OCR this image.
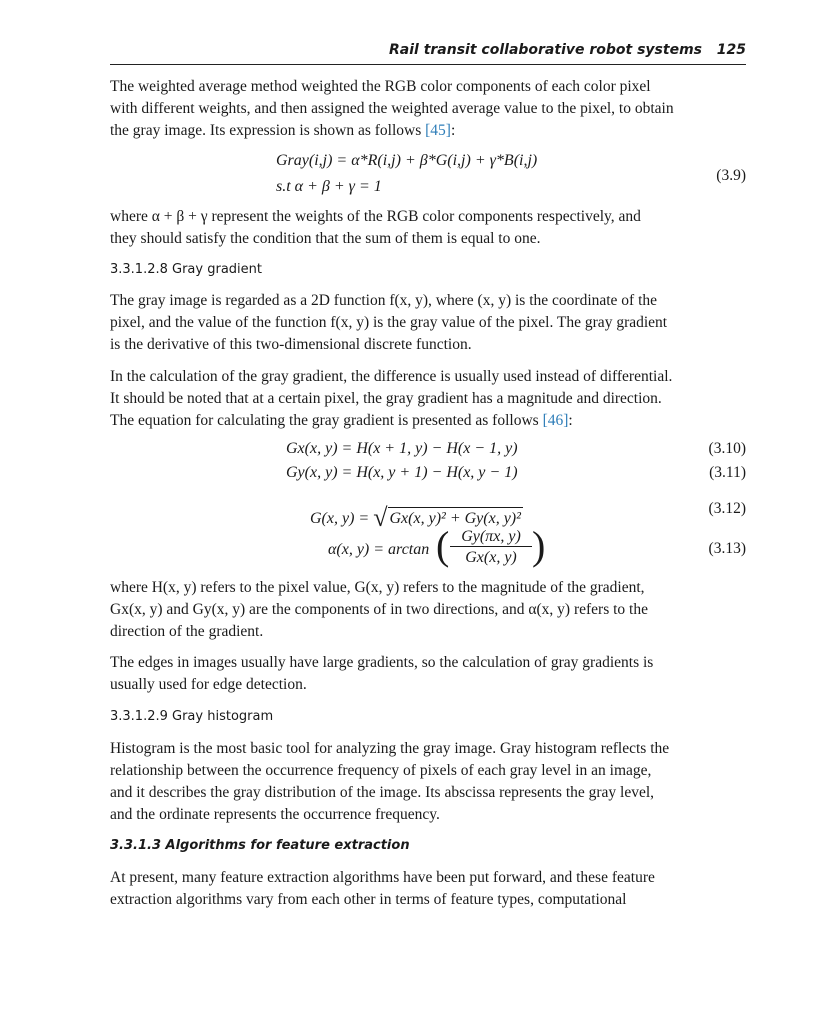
Rail transit collaborative robot systems 125
The weighted average method weighted the RGB color components of each color pixel
with different weights, and then assigned the weighted average value to the pixel, to obtain
the gray image. Its expression is shown as follows [45]:
Gray(i,j) = α*R(i,j) + β*G(i,j) + γ*B(i,j)
s.t α + β + γ = 1
(3.9)
where α + β + γ represent the weights of the RGB color components respectively, and
they should satisfy the condition that the sum of them is equal to one.
3.3.1.2.8 Gray gradient
The gray image is regarded as a 2D function f(x, y), where (x, y) is the coordinate of the
pixel, and the value of the function f(x, y) is the gray value of the pixel. The gray gradient
is the derivative of this two-dimensional discrete function.
In the calculation of the gray gradient, the difference is usually used instead of differential.
It should be noted that at a certain pixel, the gray gradient has a magnitude and direction.
The equation for calculating the gray gradient is presented as follows [46]:
Gx(x, y) = H(x + 1, y) − H(x − 1, y)	(3.10)
Gy(x, y) = H(x, y + 1) − H(x, y − 1)	(3.11)
G(x, y) = √ Gx(x, y)² + Gy(x, y)²
(3.12)
α(x, y) = arctan ( Gy(πx, y)
Gx(x, y) )	(3.13)
where H(x, y) refers to the pixel value, G(x, y) refers to the magnitude of the gradient,
Gx(x, y) and Gy(x, y) are the components of in two directions, and α(x, y) refers to the
direction of the gradient.
The edges in images usually have large gradients, so the calculation of gray gradients is
usually used for edge detection.
3.3.1.2.9 Gray histogram
Histogram is the most basic tool for analyzing the gray image. Gray histogram reflects the
relationship between the occurrence frequency of pixels of each gray level in an image,
and it describes the gray distribution of the image. Its abscissa represents the gray level,
and the ordinate represents the occurrence frequency.
3.3.1.3 Algorithms for feature extraction
At present, many feature extraction algorithms have been put forward, and these feature
extraction algorithms vary from each other in terms of feature types, computational
